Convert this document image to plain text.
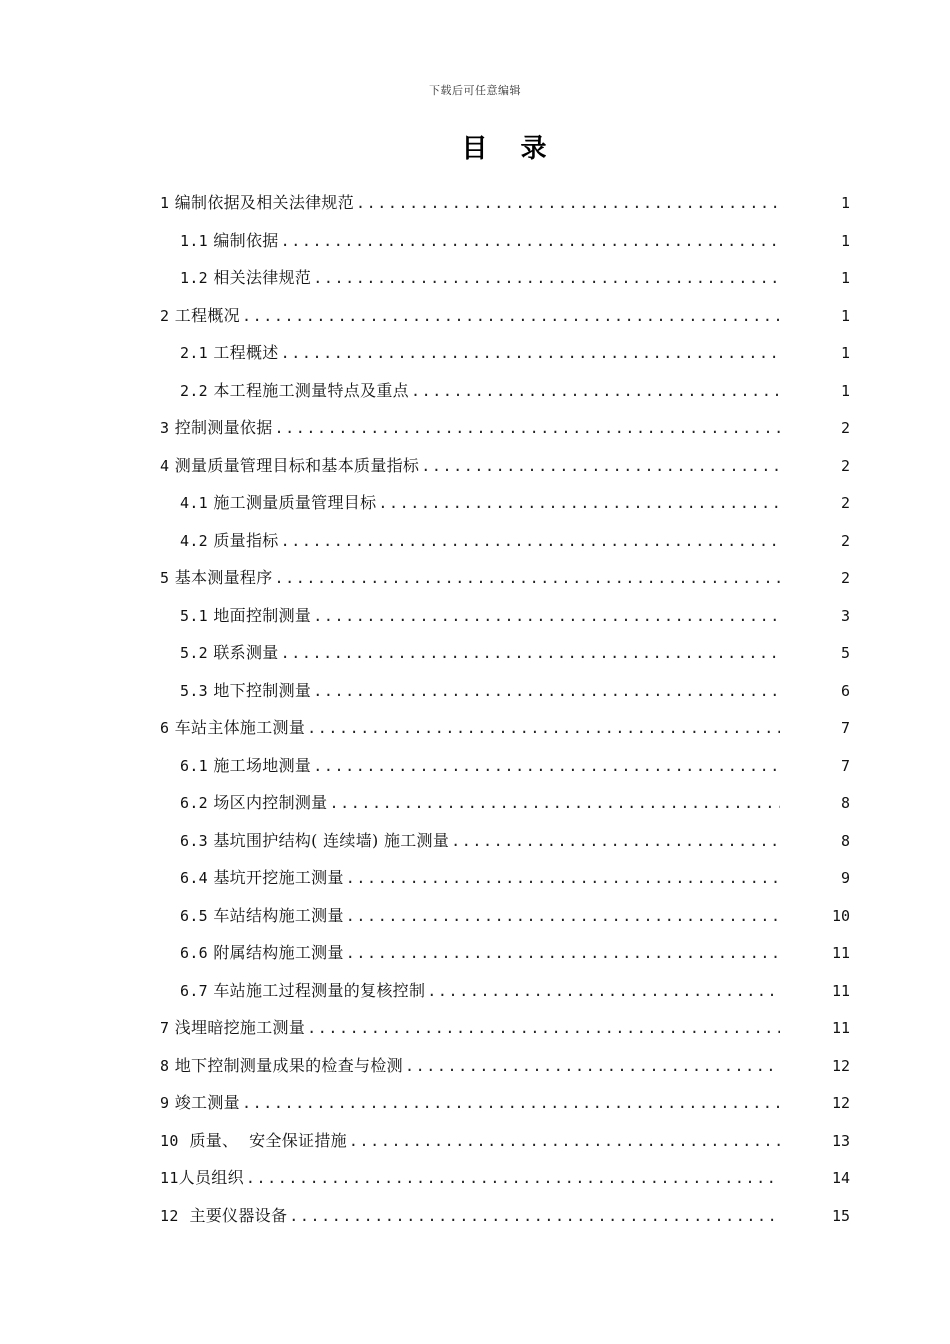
下载后可任意编辑
目 录
1 编制依据及相关法律规范 .....	1
1.1 编制依据 .....	1
1.2 相关法律规范 .....	1
2 工程概况 .....	1
2.1 工程概述 .....	1
2.2 本工程施工测量特点及重点 .....	1
3 控制测量依据 .....	2
4 测量质量管理目标和基本质量指标 .....	2
4.1 施工测量质量管理目标 .....	2
4.2 质量指标 .....	2
5 基本测量程序 .....	2
5.1 地面控制测量 .....	3
5.2 联系测量 .....	5
5.3 地下控制测量 .....	6
6 车站主体施工测量 .....	7
6.1 施工场地测量 .....	7
6.2 场区内控制测量 .....	8
6.3 基坑围护结构( 连续墙) 施工测量 .....	8
6.4 基坑开挖施工测量 .....	9
6.5 车站结构施工测量 .....	10
6.6 附属结构施工测量 .....	11
6.7 车站施工过程测量的复核控制 .....	11
7 浅埋暗挖施工测量 .....	11
8 地下控制测量成果的检查与检测 .....	12
9 竣工测量 .....	12
10  质量、  安全保证措施 .....	13
11人员组织 .....	14
12  主要仪器设备 .....	15
